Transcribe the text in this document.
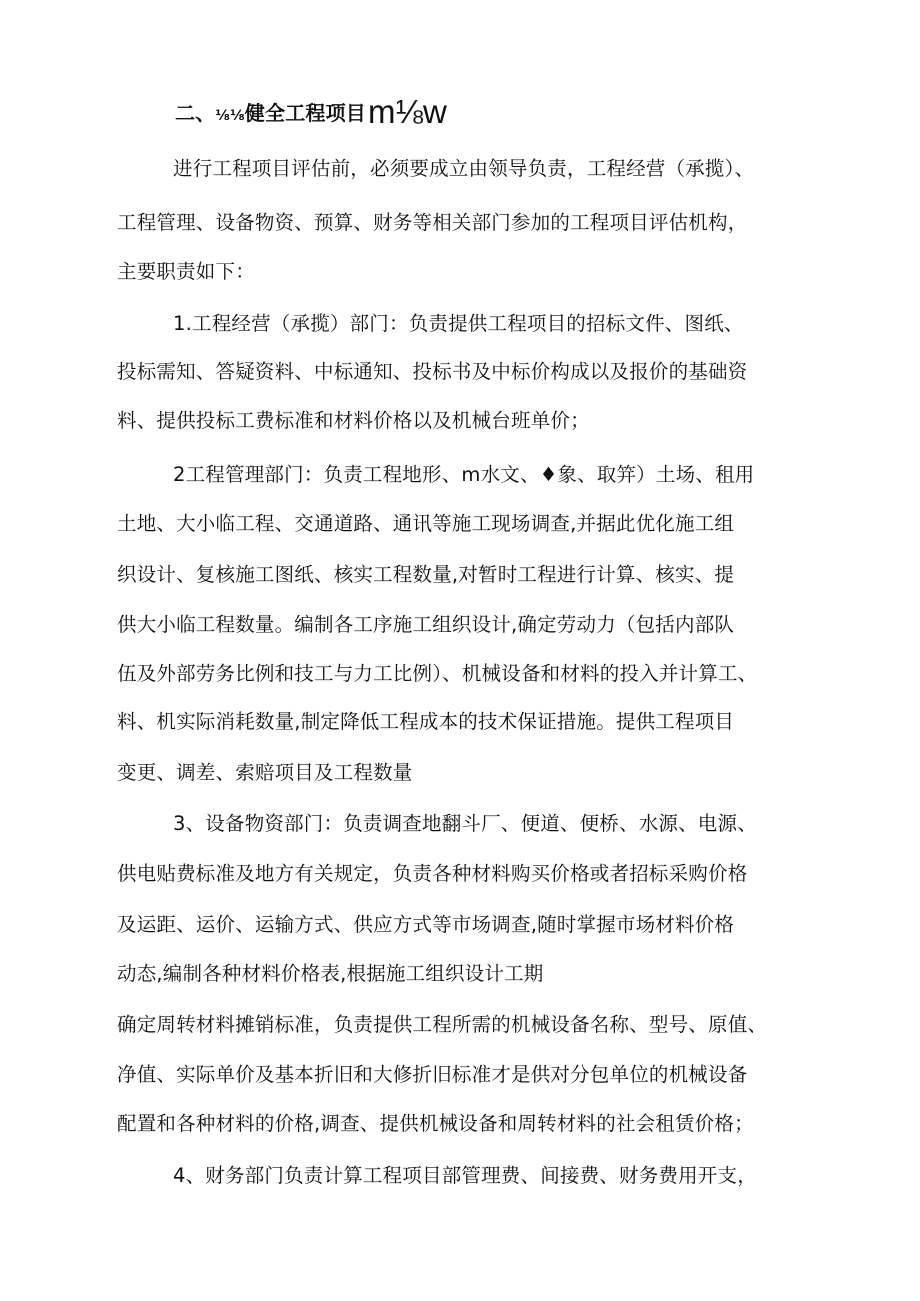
二、⅛⅛健全工程项目m⅛w
进行工程项目评估前，必须要成立由领导负责，工程经营（承揽）、
工程管理、设备物资、预算、财务等相关部门参加的工程项目评估机构，
主要职责如下：
1.工程经营（承揽）部门：负责提供工程项目的招标文件、图纸、
投标需知、答疑资料、中标通知、投标书及中标价构成以及报价的基础资
料、提供投标工费标准和材料价格以及机械台班单价；
2工程管理部门：负责工程地形、m水文、♦象、取笄）土场、租用
土地、大小临工程、交通道路、通讯等施工现场调查,并据此优化施工组
织设计、复核施工图纸、核实工程数量,对暂时工程进行计算、核实、提
供大小临工程数量。编制各工序施工组织设计,确定劳动力（包括内部队
伍及外部劳务比例和技工与力工比例）、机械设备和材料的投入并计算工、
料、机实际消耗数量,制定降低工程成本的技术保证措施。提供工程项目
变更、调差、索赔项目及工程数量
3、设备物资部门：负责调查地翻斗厂、便道、便桥、水源、电源、
供电贴费标准及地方有关规定，负责各种材料购买价格或者招标采购价格
及运距、运价、运输方式、供应方式等市场调查,随时掌握市场材料价格
动态,编制各种材料价格表,根据施工组织设计工期
确定周转材料摊销标准，负责提供工程所需的机械设备名称、型号、原值、
净值、实际单价及基本折旧和大修折旧标准才是供对分包单位的机械设备
配置和各种材料的价格,调查、提供机械设备和周转材料的社会租赁价格；
4、财务部门负责计算工程项目部管理费、间接费、财务费用开支，
